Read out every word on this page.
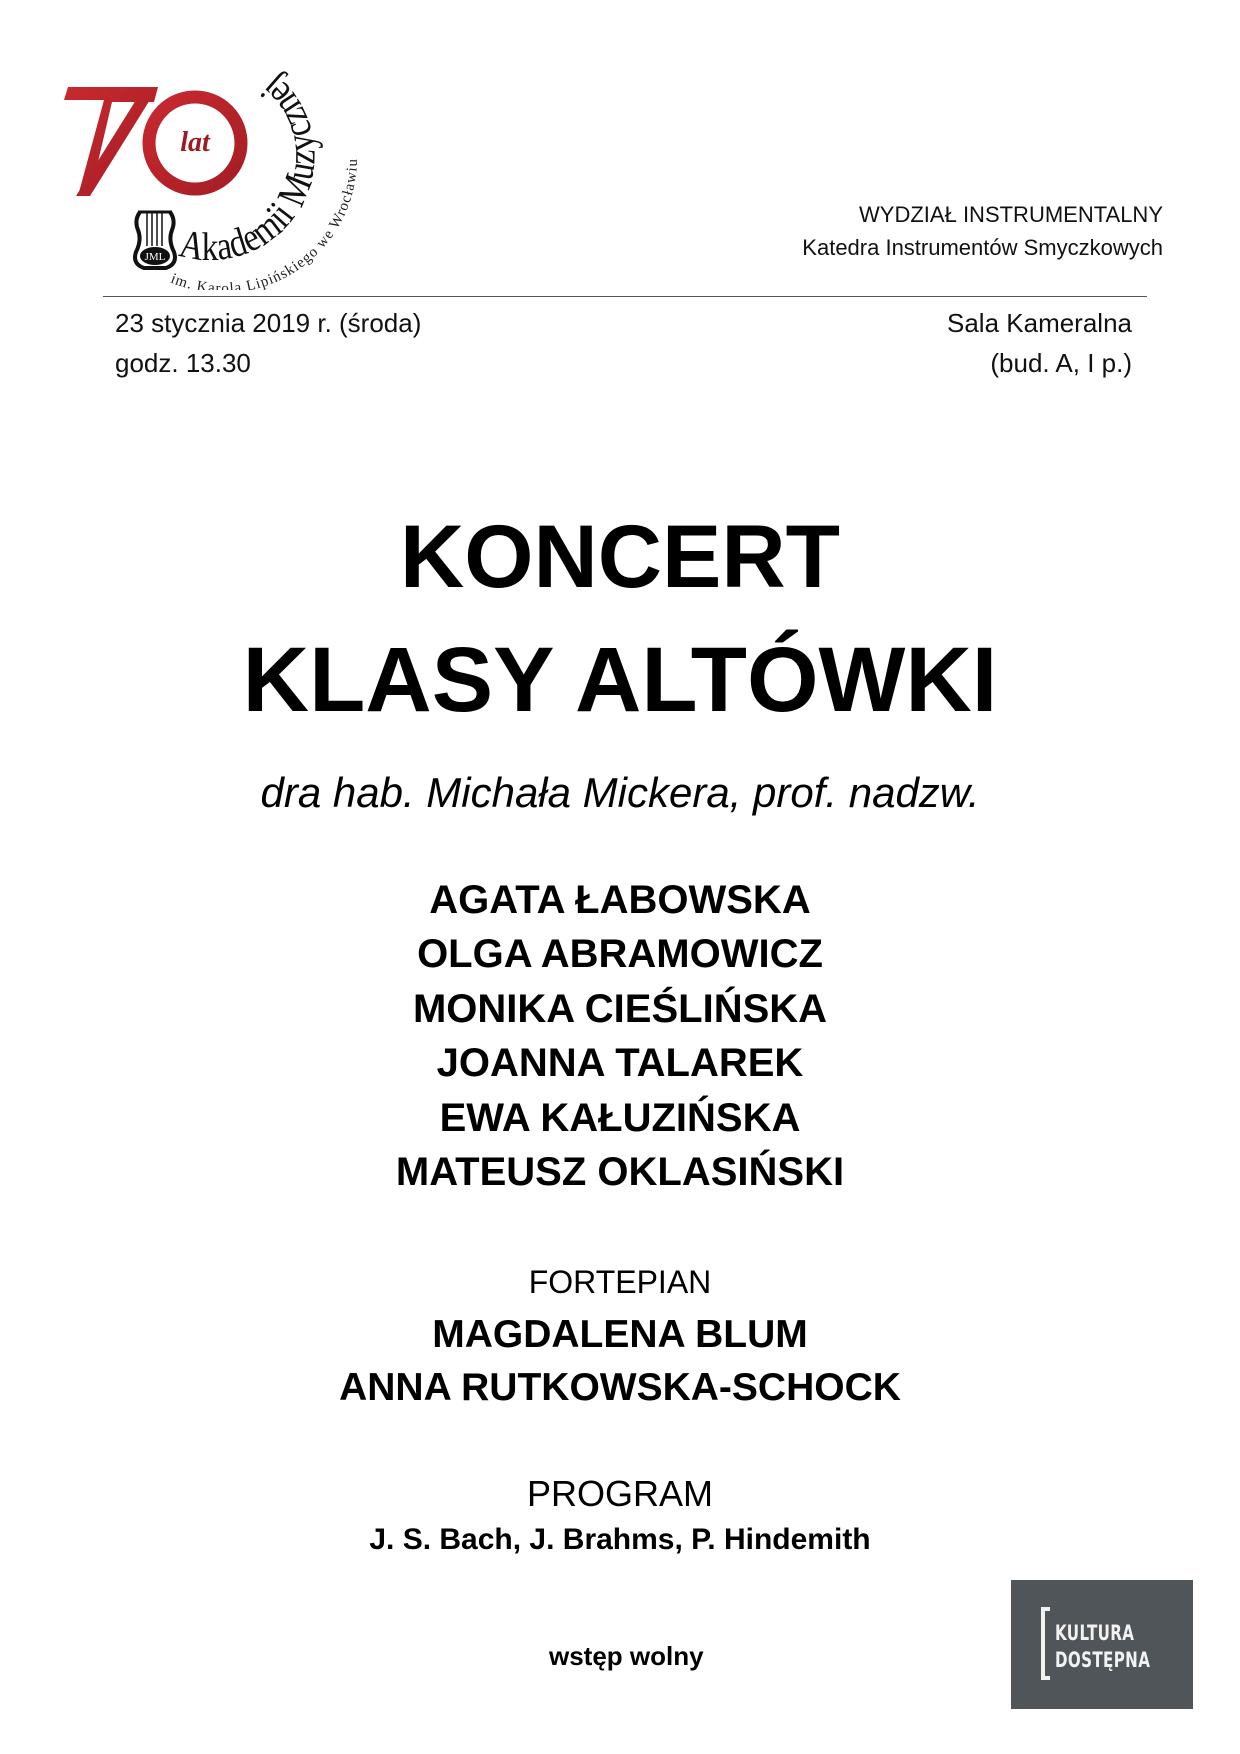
lat
JML Akademii Muzycznej
im. Karola Lipińskiego we Wrocławiu
WYDZIAŁ INSTRUMENTALNY
Katedra Instrumentów Smyczkowych
23 stycznia 2019 r. (środa)
godz. 13.30
Sala Kameralna
(bud. A, I p.)
KONCERT
KLASY ALTÓWKI
dra hab. Michała Mickera, prof. nadzw.
AGATA ŁABOWSKA
OLGA ABRAMOWICZ
MONIKA CIEŚLIŃSKA
JOANNA TALAREK
EWA KAŁUZIŃSKA
MATEUSZ OKLASIŃSKI
FORTEPIAN
MAGDALENA BLUM
ANNA RUTKOWSKA-SCHOCK
PROGRAM
J. S. Bach, J. Brahms, P. Hindemith
wstęp wolny
KULTURA
DOSTĘPNA
